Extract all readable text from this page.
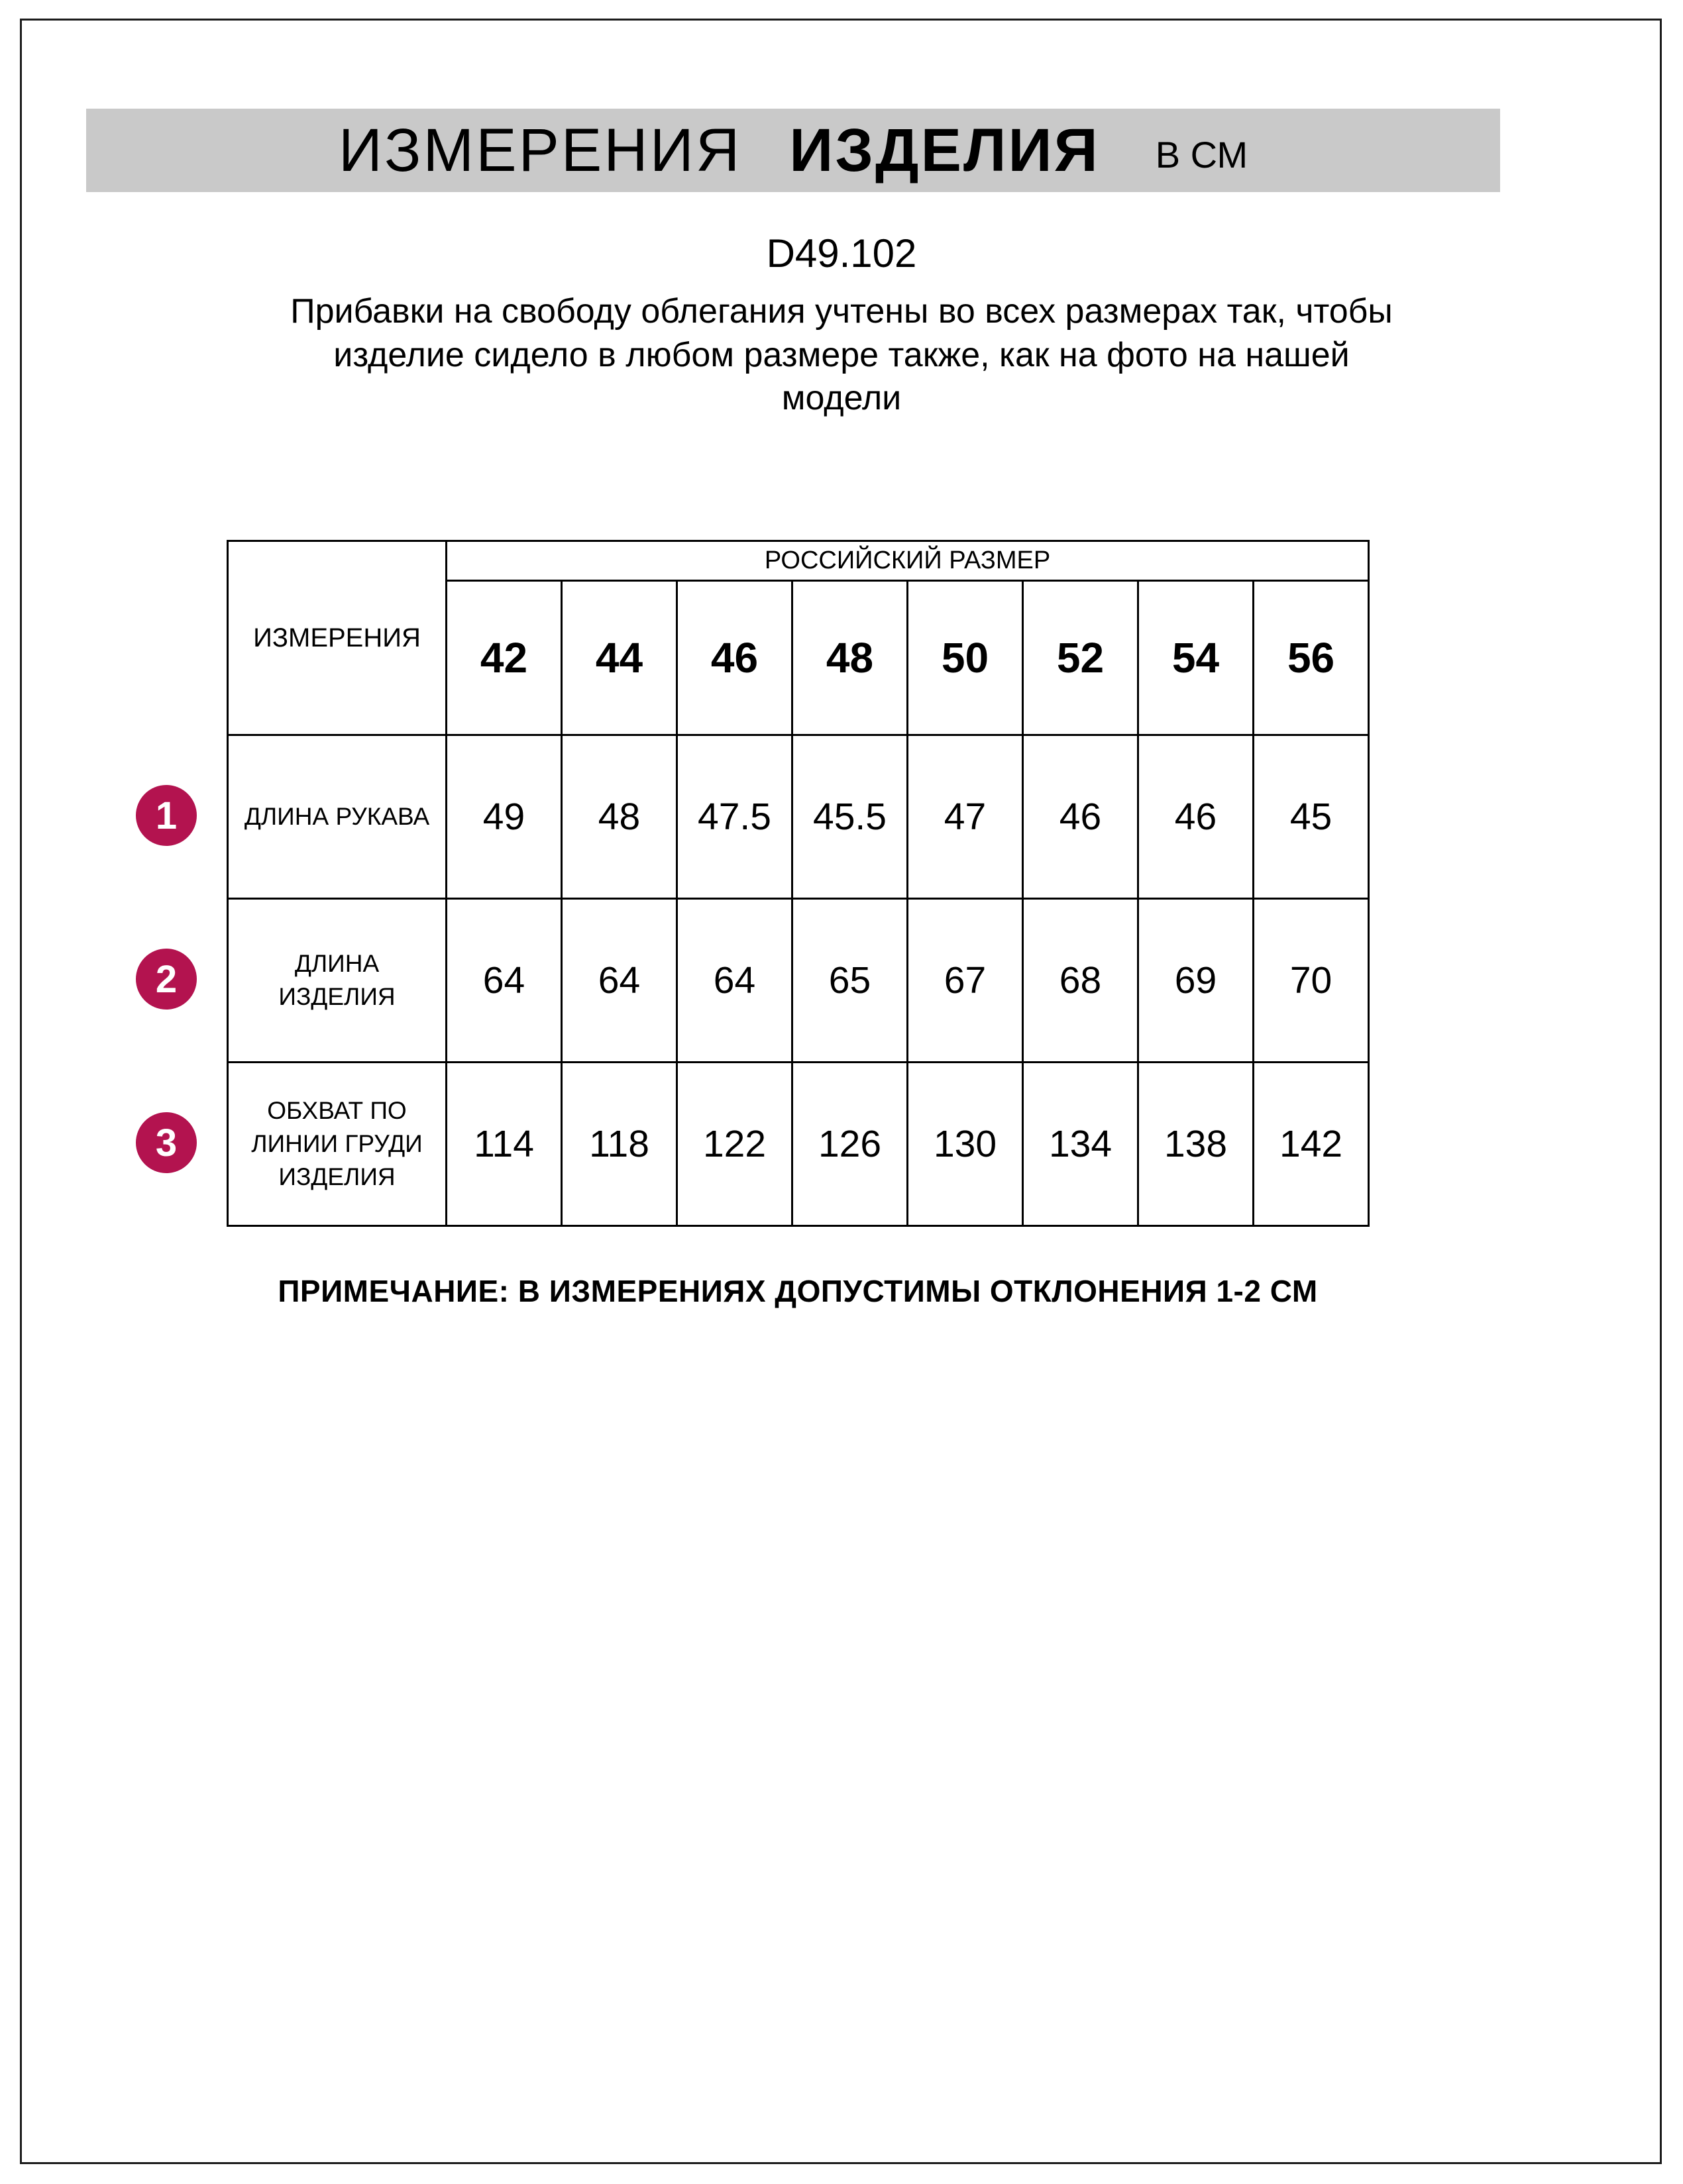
ИЗМЕРЕНИЯ ИЗДЕЛИЯ В СМ
D49.102

Прибавки на свободу облегания учтены во всех размерах так, чтобы
изделие сидело в любом размере также, как на фото на нашей
модели

ИЗМЕРЕНИЯ	РОССИЙСКИЙ РАЗМЕР							
	42	44	46	48	50	52	54	56
ДЛИНА РУКАВА	49	48	47.5	45.5	47	46	46	45
ДЛИНА
ИЗДЕЛИЯ	64	64	64	65	67	68	69	70
ОБХВАТ ПО
ЛИНИИ ГРУДИ
ИЗДЕЛИЯ	114	118	122	126	130	134	138	142
1
2
3
ПРИМЕЧАНИЕ: В ИЗМЕРЕНИЯХ ДОПУСТИМЫ ОТКЛОНЕНИЯ 1-2 СМ
